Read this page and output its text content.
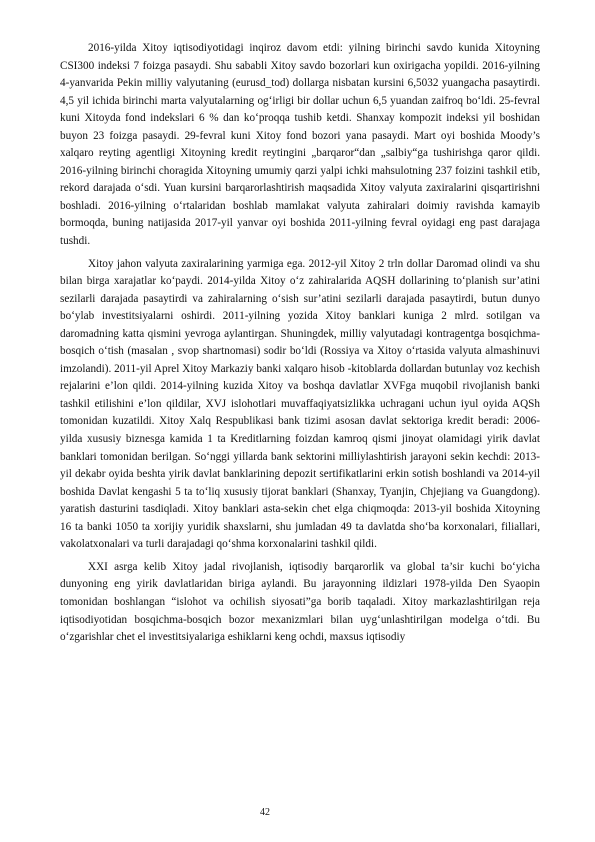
2016-yilda Xitoy iqtisodiyotidagi inqiroz davom etdi: yilning birinchi savdo kunida Xitoyning CSI300 indeksi 7 foizga pasaydi. Shu sababli Xitoy savdo bozorlari kun oxirigacha yopildi. 2016-yilning 4-yanvarida Pekin milliy valyutaning (eurusd_tod) dollarga nisbatan kursini 6,5032 yuangacha pasaytirdi. 4,5 yil ichida birinchi marta valyutalarning og‘irligi bir dollar uchun 6,5 yuandan zaifroq bo‘ldi. 25-fevral kuni Xitoyda fond indekslari 6 % dan ko‘proqqa tushib ketdi. Shanxay kompozit indeksi yil boshidan buyon 23 foizga pasaydi. 29-fevral kuni Xitoy fond bozori yana pasaydi. Mart oyi boshida Moody’s xalqaro reyting agentligi Xitoyning kredit reytingini „barqaror“dan „salbiy“ga tushirishga qaror qildi. 2016-yilning birinchi choragida Xitoyning umumiy qarzi yalpi ichki mahsulotning 237 foizini tashkil etib, rekord darajada o‘sdi. Yuan kursini barqarorlashtirish maqsadida Xitoy valyuta zaxiralarini qisqartirishni boshladi. 2016-yilning o‘rtalaridan boshlab mamlakat valyuta zahiralari doimiy ravishda kamayib bormoqda, buning natijasida 2017-yil yanvar oyi boshida 2011-yilning fevral oyidagi eng past darajaga tushdi.

Xitoy jahon valyuta zaxiralarining yarmiga ega. 2012-yil Xitoy 2 trln dollar Daromad olindi va shu bilan birga xarajatlar ko‘paydi. 2014-yilda Xitoy o‘z zahiralarida AQSH dollarining to‘planish sur’atini sezilarli darajada pasaytirdi va zahiralarning o‘sish sur’atini sezilarli darajada pasaytirdi, butun dunyo bo‘ylab investitsiyalarni oshirdi. 2011-yilning yozida Xitoy banklari kuniga 2 mlrd. sotilgan va daromadning katta qismini yevroga aylantirgan. Shuningdek, milliy valyutadagi kontragentga bosqichma-bosqich o‘tish (masalan , svop shartnomasi) sodir bo‘ldi (Rossiya va Xitoy o‘rtasida valyuta almashinuvi imzolandi). 2011-yil Aprel Xitoy Markaziy banki xalqaro hisob -kitoblarda dollardan butunlay voz kechish rejalarini e’lon qildi. 2014-yilning kuzida Xitoy va boshqa davlatlar XVFga muqobil rivojlanish banki tashkil etilishini e’lon qildilar, XVJ islohotlari muvaffaqiyatsizlikka uchragani uchun iyul oyida AQSh tomonidan kuzatildi. Xitoy Xalq Respublikasi bank tizimi asosan davlat sektoriga kredit beradi: 2006-yilda xususiy biznesga kamida 1 ta Kreditlarning foizdan kamroq qismi jinoyat olamidagi yirik davlat banklari tomonidan berilgan. So‘nggi yillarda bank sektorini milliylashtirish jarayoni sekin kechdi: 2013-yil dekabr oyida beshta yirik davlat banklarining depozit sertifikatlarini erkin sotish boshlandi va 2014-yil boshida Davlat kengashi 5 ta to‘liq xususiy tijorat banklari (Shanxay, Tyanjin, Chjejiang va Guangdong). yaratish dasturini tasdiqladi. Xitoy banklari asta-sekin chet elga chiqmoqda: 2013-yil boshida Xitoyning 16 ta banki 1050 ta xorijiy yuridik shaxslarni, shu jumladan 49 ta davlatda sho‘ba korxonalari, filiallari, vakolatxonalari va turli darajadagi qo‘shma korxonalarini tashkil qildi.

XXI asrga kelib Xitoy jadal rivojlanish, iqtisodiy barqarorlik va global ta’sir kuchi bo‘yicha dunyoning eng yirik davlatlaridan biriga aylandi. Bu jarayonning ildizlari 1978-yilda Den Syaopin tomonidan boshlangan “islohot va ochilish siyosati”ga borib taqaladi. Xitoy markazlashtirilgan reja iqtisodiyotidan bosqichma-bosqich bozor mexanizmlari bilan uyg‘unlashtirilgan modelga o‘tdi. Bu o‘zgarishlar chet el investitsiyalariga eshiklarni keng ochdi, maxsus iqtisodiy

42
